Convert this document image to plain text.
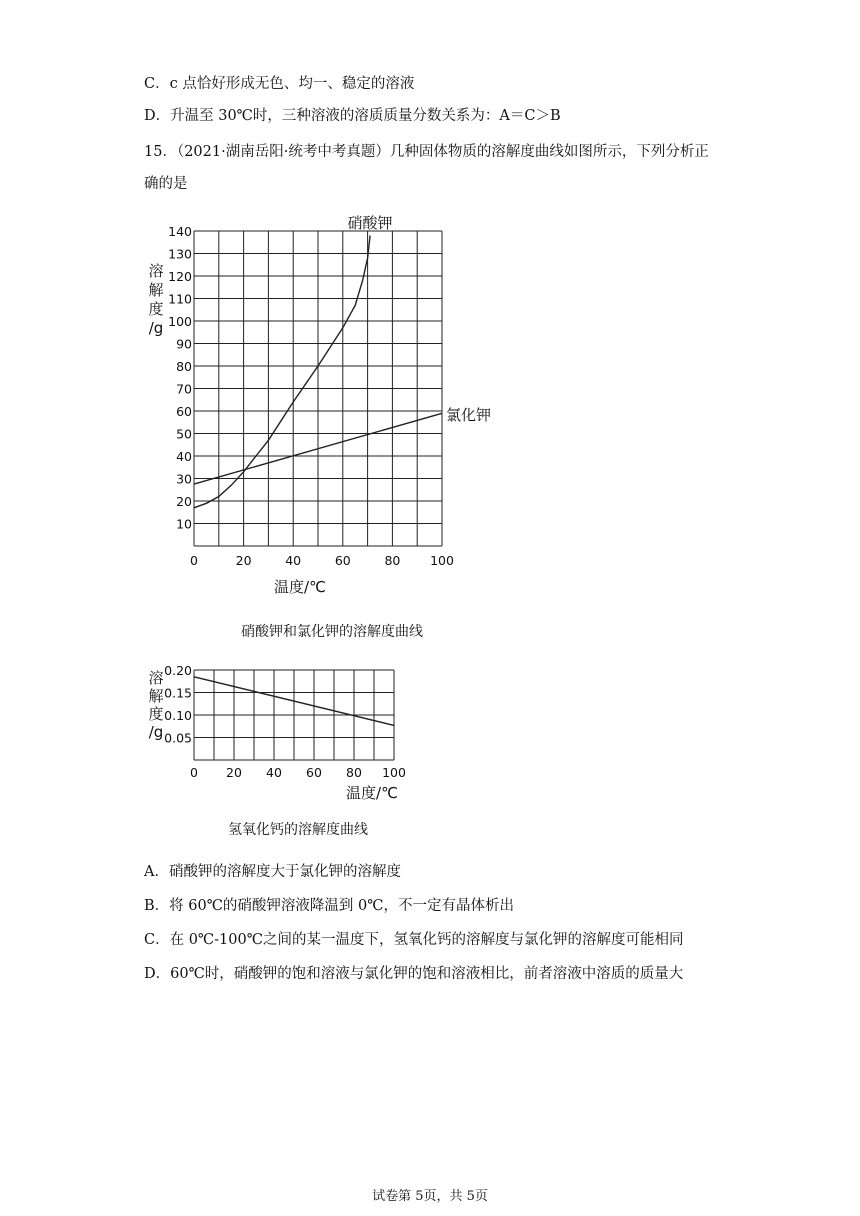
C．c 点恰好形成无色、均一、稳定的溶液
D．升温至 30℃时，三种溶液的溶质质量分数关系为：A＝C＞B
15．（2021·湖南岳阳·统考中考真题）几种固体物质的溶解度曲线如图所示，下列分析正
确的是
10
20
30
40
50
60
70
80
90
100
110
120
130
140
0	20	40	60	80 100
溶
解
度
/g
温度/℃
硝酸钾
氯化钾
硝酸钾和氯化钾的溶解度曲线
0.05
0.10
0.15
0.20
0 20 40 60 80 100
溶
解
度
/g
温度/℃
氢氧化钙的溶解度曲线
A．硝酸钾的溶解度大于氯化钾的溶解度
B．将 60℃的硝酸钾溶液降温到 0℃，不一定有晶体析出
C．在 0℃-100℃之间的某一温度下，氢氧化钙的溶解度与氯化钾的溶解度可能相同
D．60℃时，硝酸钾的饱和溶液与氯化钾的饱和溶液相比，前者溶液中溶质的质量大
试卷第 5页，共 5页
